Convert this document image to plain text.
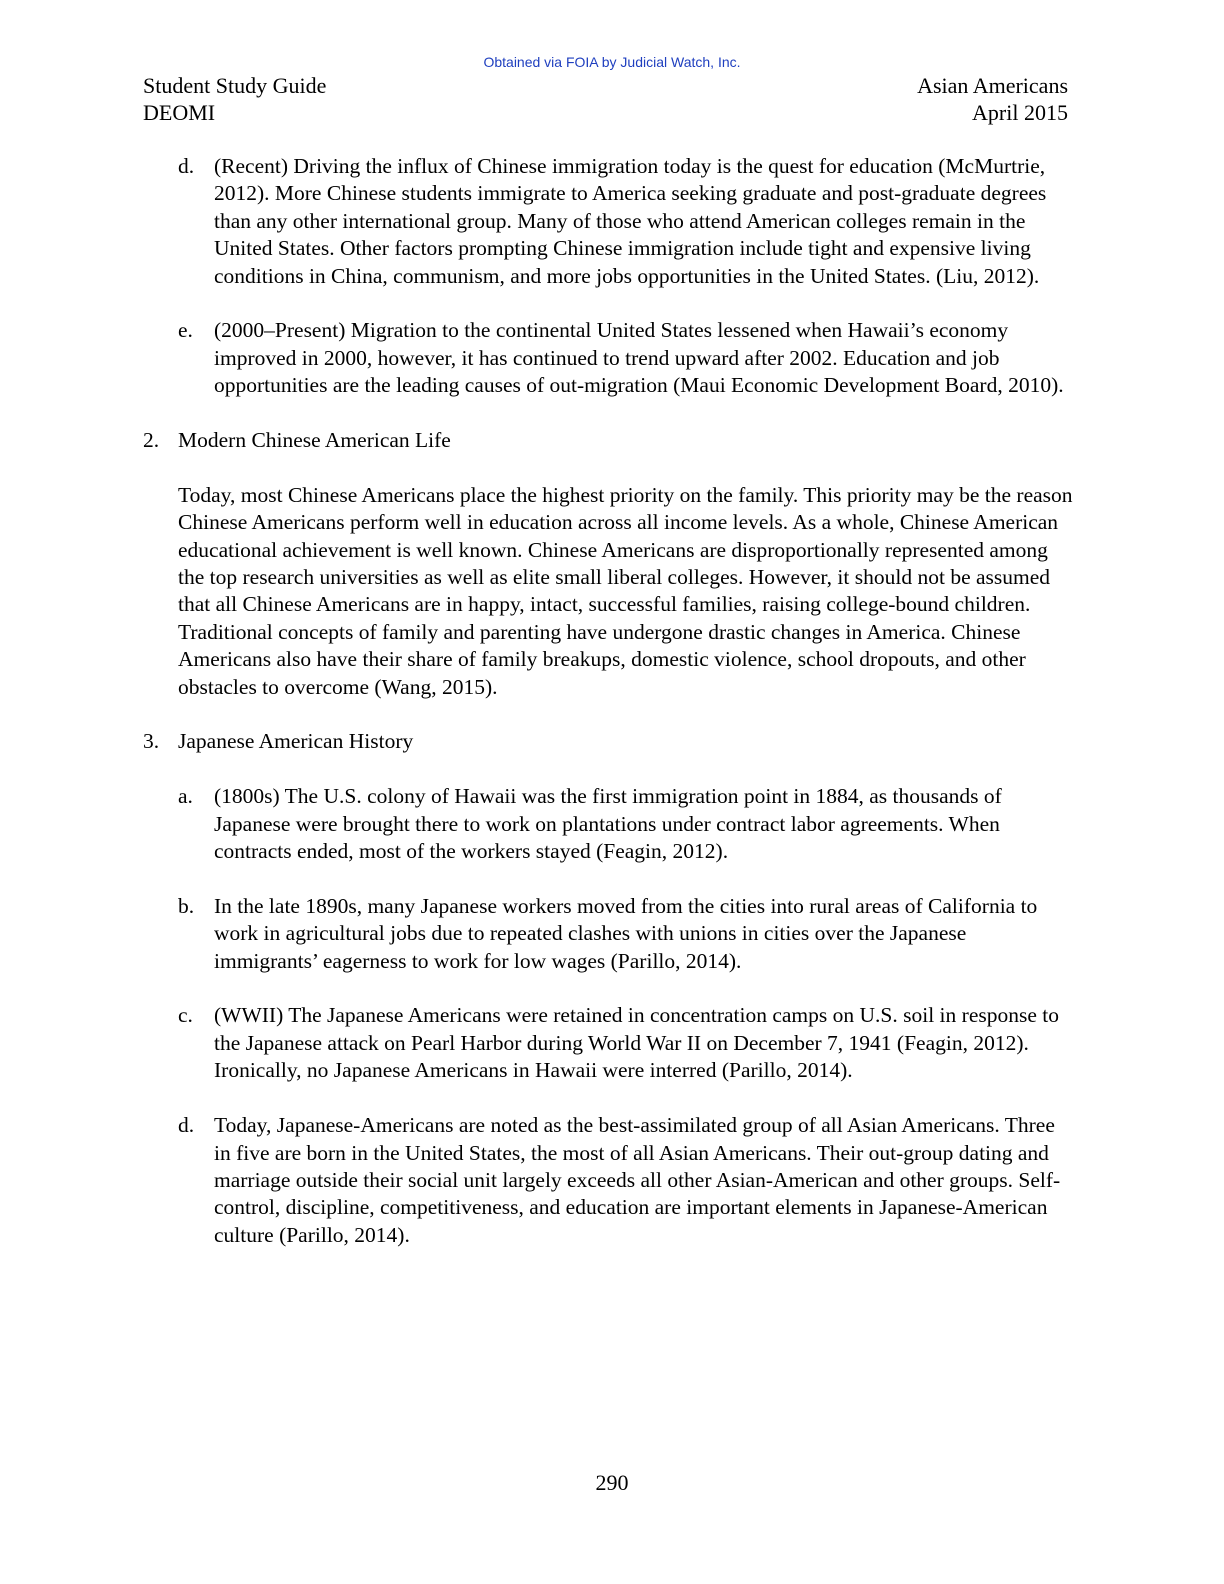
Obtained via FOIA by Judicial Watch, Inc.
Student Study Guide
DEOMI
Asian Americans
April 2015
d. (Recent) Driving the influx of Chinese immigration today is the quest for education (McMurtrie, 2012). More Chinese students immigrate to America seeking graduate and post-graduate degrees than any other international group. Many of those who attend American colleges remain in the United States. Other factors prompting Chinese immigration include tight and expensive living conditions in China, communism, and more jobs opportunities in the United States. (Liu, 2012).
e. (2000–Present) Migration to the continental United States lessened when Hawaii’s economy improved in 2000, however, it has continued to trend upward after 2002. Education and job opportunities are the leading causes of out-migration (Maui Economic Development Board, 2010).
2. Modern Chinese American Life
Today, most Chinese Americans place the highest priority on the family. This priority may be the reason Chinese Americans perform well in education across all income levels. As a whole, Chinese American educational achievement is well known. Chinese Americans are disproportionally represented among the top research universities as well as elite small liberal colleges. However, it should not be assumed that all Chinese Americans are in happy, intact, successful families, raising college-bound children. Traditional concepts of family and parenting have undergone drastic changes in America. Chinese Americans also have their share of family breakups, domestic violence, school dropouts, and other obstacles to overcome (Wang, 2015).
3. Japanese American History
a. (1800s) The U.S. colony of Hawaii was the first immigration point in 1884, as thousands of Japanese were brought there to work on plantations under contract labor agreements. When contracts ended, most of the workers stayed (Feagin, 2012).
b. In the late 1890s, many Japanese workers moved from the cities into rural areas of California to work in agricultural jobs due to repeated clashes with unions in cities over the Japanese immigrants’ eagerness to work for low wages (Parillo, 2014).
c. (WWII) The Japanese Americans were retained in concentration camps on U.S. soil in response to the Japanese attack on Pearl Harbor during World War II on December 7, 1941 (Feagin, 2012). Ironically, no Japanese Americans in Hawaii were interred (Parillo, 2014).
d. Today, Japanese-Americans are noted as the best-assimilated group of all Asian Americans. Three in five are born in the United States, the most of all Asian Americans. Their out-group dating and marriage outside their social unit largely exceeds all other Asian-American and other groups. Self-control, discipline, competitiveness, and education are important elements in Japanese-American culture (Parillo, 2014).
290
